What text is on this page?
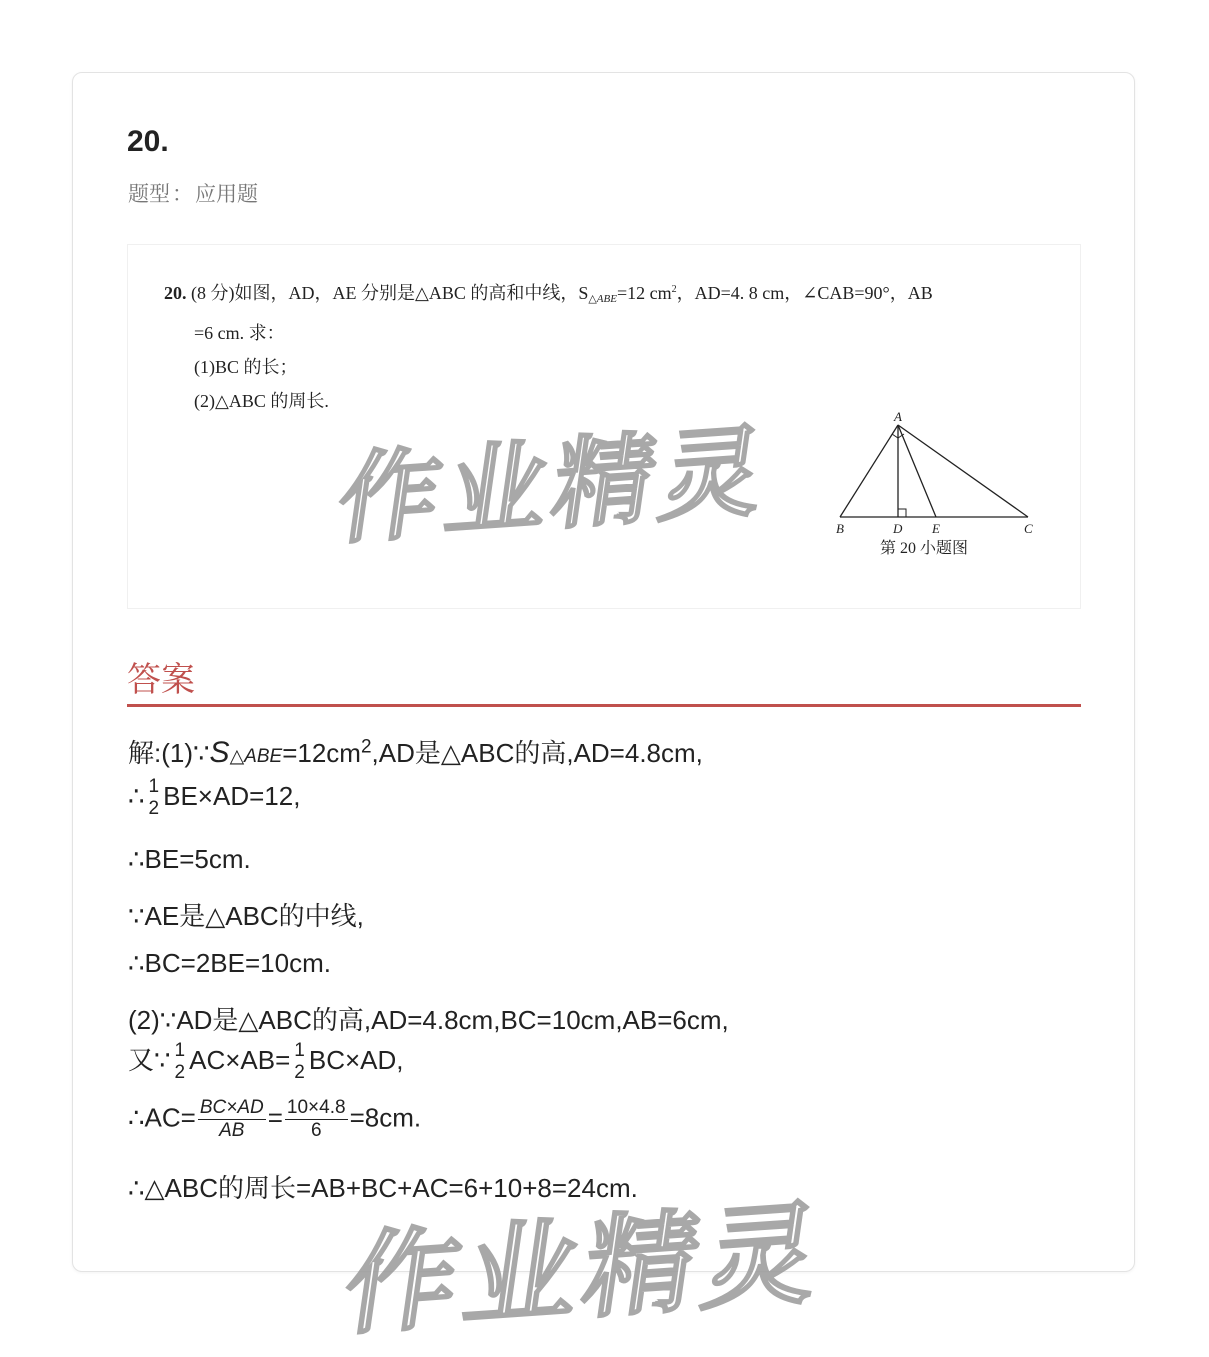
20.
题型：应用题
20. (8 分)如图，AD，AE 分别是△ABC 的高和中线，$S_{\triangle ABE}=12$ $cm^2$，AD=4. 8 cm，∠CAB=90°，AB
=6 cm. 求：
(1)BC 的长；
(2)△ABC 的周长.
A
B	D E	C
第 20 小题图
作业精灵
答案
解$:(1)\because S\triangle ABE=12cm^2,AD$是△ABC的高,AD=4.8cm,
∴ 1
2 BE×AD=12,
∴BE=5cm.
∵AE是△ABC的中线,
∴BC=2BE=10cm.
(2)∵AD是△ABC的高,AD=4.8cm,BC=10cm,AB=6cm,
又∵ 1
2 AC×AB= 1
2 BC×AD,
∴AC= $\frac{BC\times AD}{AB} = \frac{10\times 4.8}{6} =8cm$.
∴△ABC的周长=AB+BC+AC=6+10+8=24cm.
作业精灵
